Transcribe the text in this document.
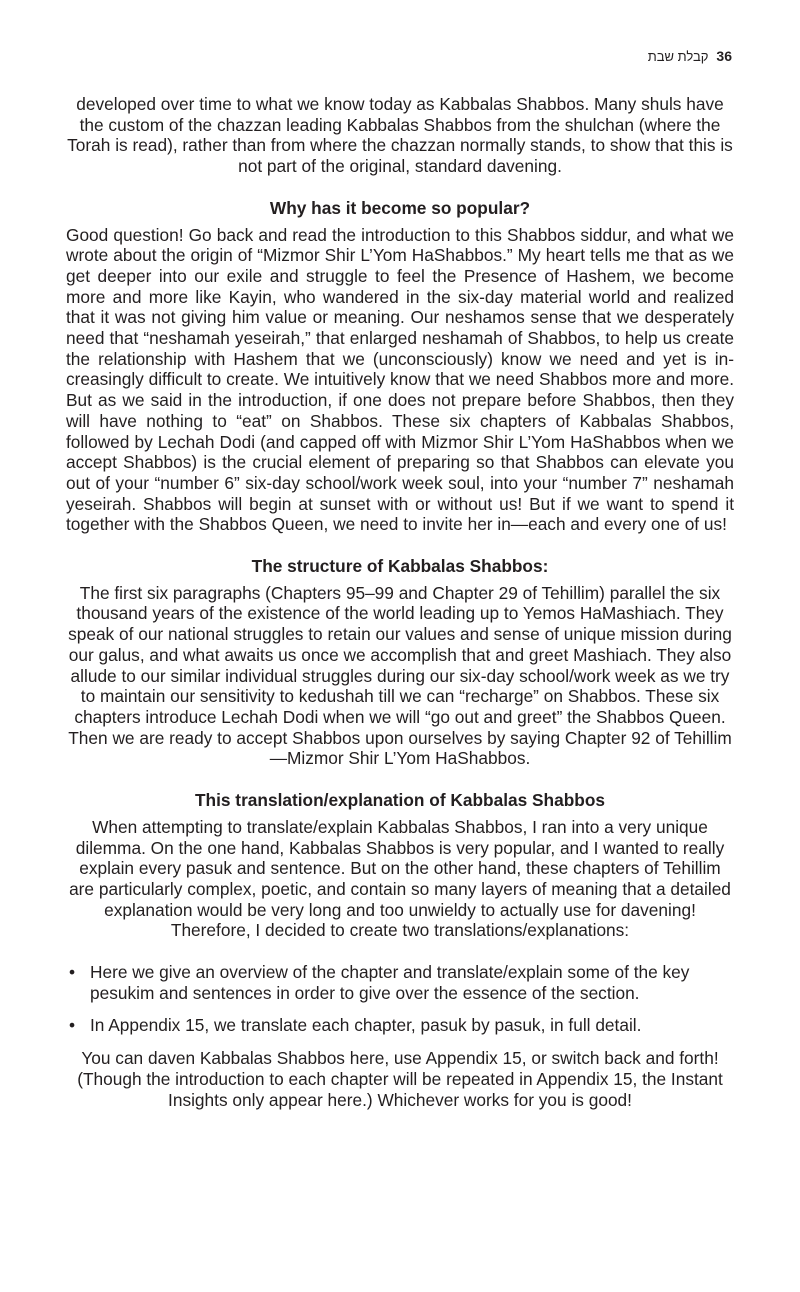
קבלת שבת 36

developed over time to what we know today as Kabbalas Shabbos. Many shuls have the custom of the chazzan leading Kabbalas Shabbos from the shulchan (where the Torah is read), rather than from where the chazzan normally stands, to show that this is not part of the original, standard davening.

Why has it become so popular?

Good question! Go back and read the introduction to this Shabbos siddur, and what we wrote about the origin of “Mizmor Shir L’Yom HaShabbos.” My heart tells me that as we get deeper into our exile and struggle to feel the Presence of Hashem, we become more and more like Kayin, who wandered in the six-day material world and realized that it was not giving him value or meaning. Our neshamos sense that we desperately need that “neshamah yeseirah,” that enlarged neshamah of Shabbos, to help us create the relationship with Hashem that we (unconsciously) know we need and yet is increasingly difficult to create. We intuitively know that we need Shabbos more and more. But as we said in the introduction, if one does not prepare before Shabbos, then they will have nothing to “eat” on Shabbos. These six chapters of Kabbalas Shabbos, followed by Lechah Dodi (and capped off with Mizmor Shir L’Yom HaShabbos when we accept Shabbos) is the crucial element of preparing so that Shabbos can elevate you out of your “number 6” six-day school/work week soul, into your “number 7” neshamah yeseirah. Shabbos will begin at sunset with or without us! But if we want to spend it together with the Shabbos Queen, we need to invite her in—each and every one of us!

The structure of Kabbalas Shabbos:

The first six paragraphs (Chapters 95–99 and Chapter 29 of Tehillim) parallel the six thousand years of the existence of the world leading up to Yemos HaMashiach. They speak of our national struggles to retain our values and sense of unique mission during our galus, and what awaits us once we accomplish that and greet Mashiach. They also allude to our similar individual struggles during our six-day school/work week as we try to maintain our sensitivity to kedushah till we can “recharge” on Shabbos. These six chapters introduce Lechah Dodi when we will “go out and greet” the Shabbos Queen. Then we are ready to accept Shabbos upon ourselves by saying Chapter 92 of Tehillim—Mizmor Shir L’Yom HaShabbos.

This translation/explanation of Kabbalas Shabbos

When attempting to translate/explain Kabbalas Shabbos, I ran into a very unique dilemma. On the one hand, Kabbalas Shabbos is very popular, and I wanted to really explain every pasuk and sentence. But on the other hand, these chapters of Tehillim are particularly complex, poetic, and contain so many layers of meaning that a detailed explanation would be very long and too unwieldy to actually use for davening! Therefore, I decided to create two translations/explanations:

• Here we give an overview of the chapter and translate/explain some of the key pesukim and sentences in order to give over the essence of the section.
• In Appendix 15, we translate each chapter, pasuk by pasuk, in full detail.

You can daven Kabbalas Shabbos here, use Appendix 15, or switch back and forth! (Though the introduction to each chapter will be repeated in Appendix 15, the Instant Insights only appear here.) Whichever works for you is good!
